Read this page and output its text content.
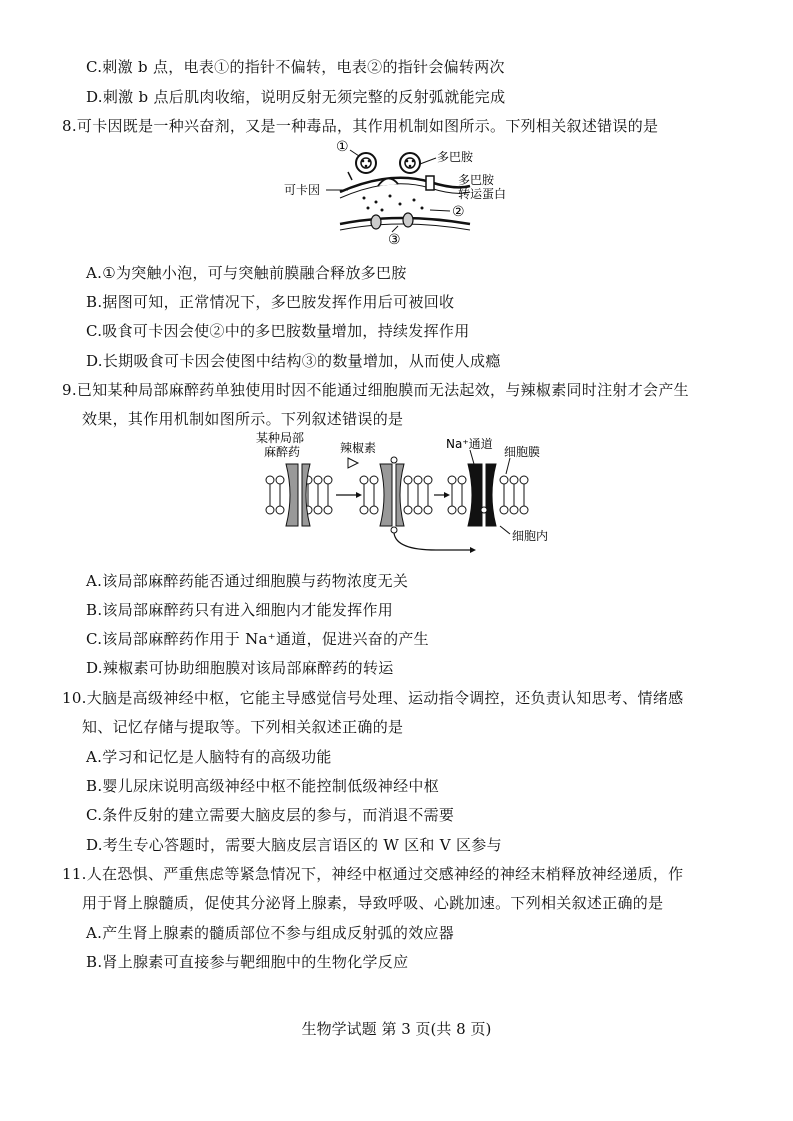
C.刺激 b 点，电表①的指针不偏转，电表②的指针会偏转两次
D.刺激 b 点后肌肉收缩，说明反射无须完整的反射弧就能完成
8.可卡因既是一种兴奋剂，又是一种毒品，其作用机制如图所示。下列相关叙述错误的是
①
多巴胺
可卡因
多巴胺
转运蛋白
②
③
A.①为突触小泡，可与突触前膜融合释放多巴胺
B.据图可知，正常情况下，多巴胺发挥作用后可被回收
C.吸食可卡因会使②中的多巴胺数量增加，持续发挥作用
D.长期吸食可卡因会使图中结构③的数量增加，从而使人成瘾
9.已知某种局部麻醉药单独使用时因不能通过细胞膜而无法起效，与辣椒素同时注射才会产生
效果，其作用机制如图所示。下列叙述错误的是
某种局部
麻醉药	辣椒素	Na⁺通道
细胞膜
细胞内
A.该局部麻醉药能否通过细胞膜与药物浓度无关
B.该局部麻醉药只有进入细胞内才能发挥作用
C.该局部麻醉药作用于 Na⁺通道，促进兴奋的产生
D.辣椒素可协助细胞膜对该局部麻醉药的转运
10.大脑是高级神经中枢，它能主导感觉信号处理、运动指令调控，还负责认知思考、情绪感
知、记忆存储与提取等。下列相关叙述正确的是
A.学习和记忆是人脑特有的高级功能
B.婴儿尿床说明高级神经中枢不能控制低级神经中枢
C.条件反射的建立需要大脑皮层的参与，而消退不需要
D.考生专心答题时，需要大脑皮层言语区的 W 区和 V 区参与
11.人在恐惧、严重焦虑等紧急情况下，神经中枢通过交感神经的神经末梢释放神经递质，作
用于肾上腺髓质，促使其分泌肾上腺素，导致呼吸、心跳加速。下列相关叙述正确的是
A.产生肾上腺素的髓质部位不参与组成反射弧的效应器
B.肾上腺素可直接参与靶细胞中的生物化学反应
生物学试题 第 3 页(共 8 页)
